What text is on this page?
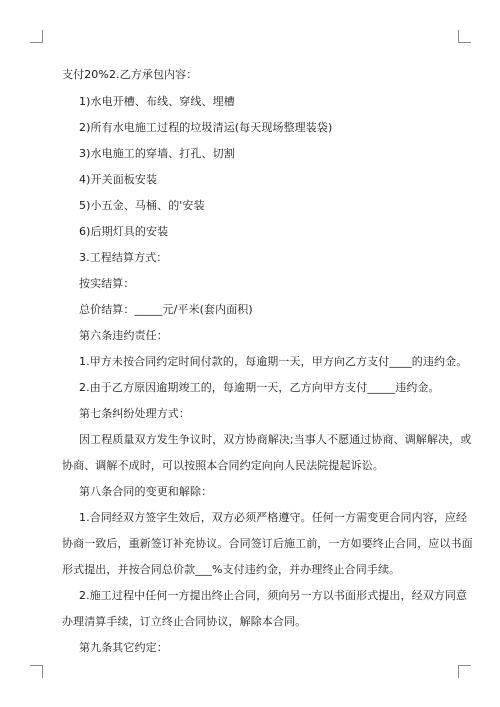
支付20%2.乙方承包内容：

1)水电开槽、布线、穿线、埋槽

2)所有水电施工过程的垃圾清运(每天现场整理装袋)

3)水电施工的穿墙、打孔、切割

4)开关面板安装

5)小五金、马桶、的'安装

6)后期灯具的安装

3.工程结算方式：

按实结算：

总价结算：_____元/平米(套内面积)

第六条违约责任：

1.甲方未按合同约定时间付款的，每逾期一天，甲方向乙方支付____的违约金。

2.由于乙方原因逾期竣工的，每逾期一天，乙方向甲方支付_____违约金。

第七条纠纷处理方式：

因工程质量双方发生争议时，双方协商解决;当事人不愿通过协商、调解解决，或

协商、调解不成时，可以按照本合同约定向向人民法院提起诉讼。

第八条合同的变更和解除：

1.合同经双方签字生效后，双方必须严格遵守。任何一方需变更合同内容，应经

协商一致后，重新签订补充协议。合同签订后施工前，一方如要终止合同，应以书面

形式提出，并按合同总价款___%支付违约金，并办理终止合同手续。

2.施工过程中任何一方提出终止合同，须向另一方以书面形式提出，经双方同意

办理清算手续，订立终止合同协议，解除本合同。

第九条其它约定：
